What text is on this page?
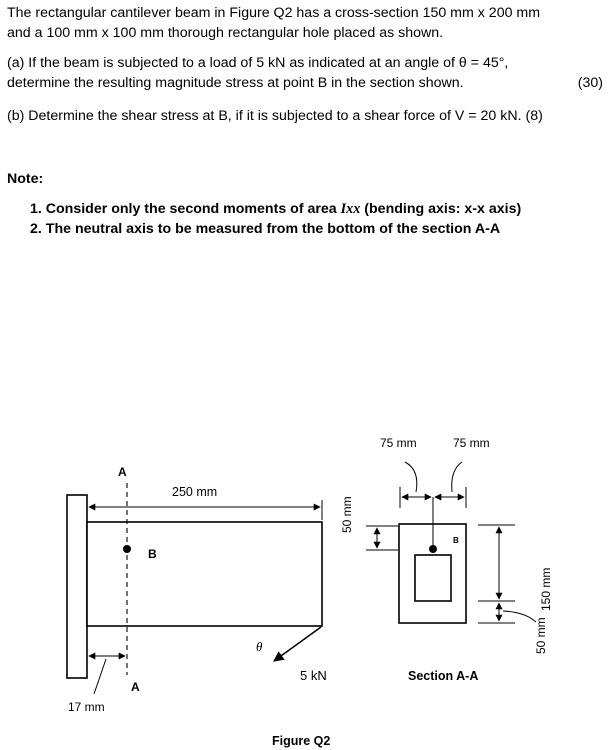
The rectangular cantilever beam in Figure Q2 has a cross-section 150 mm x 200 mm
and a 100 mm x 100 mm thorough rectangular hole placed as shown.
(a) If the beam is subjected to a load of 5 kN as indicated at an angle of θ = 45°,
determine the resulting magnitude stress at point B in the section shown.	(30)
(b) Determine the shear stress at B, if it is subjected to a shear force of V = 20 kN. (8)
Note:
1. Consider only the second moments of area Ixx (bending axis: x-x axis)
2. The neutral axis to be measured from the bottom of the section A-A
A
A
B
250 mm
17 mm
50 mm
θ
5 kN
B
75 mm	75 mm
150 mm
50 mm
Section A-A
Figure Q2
